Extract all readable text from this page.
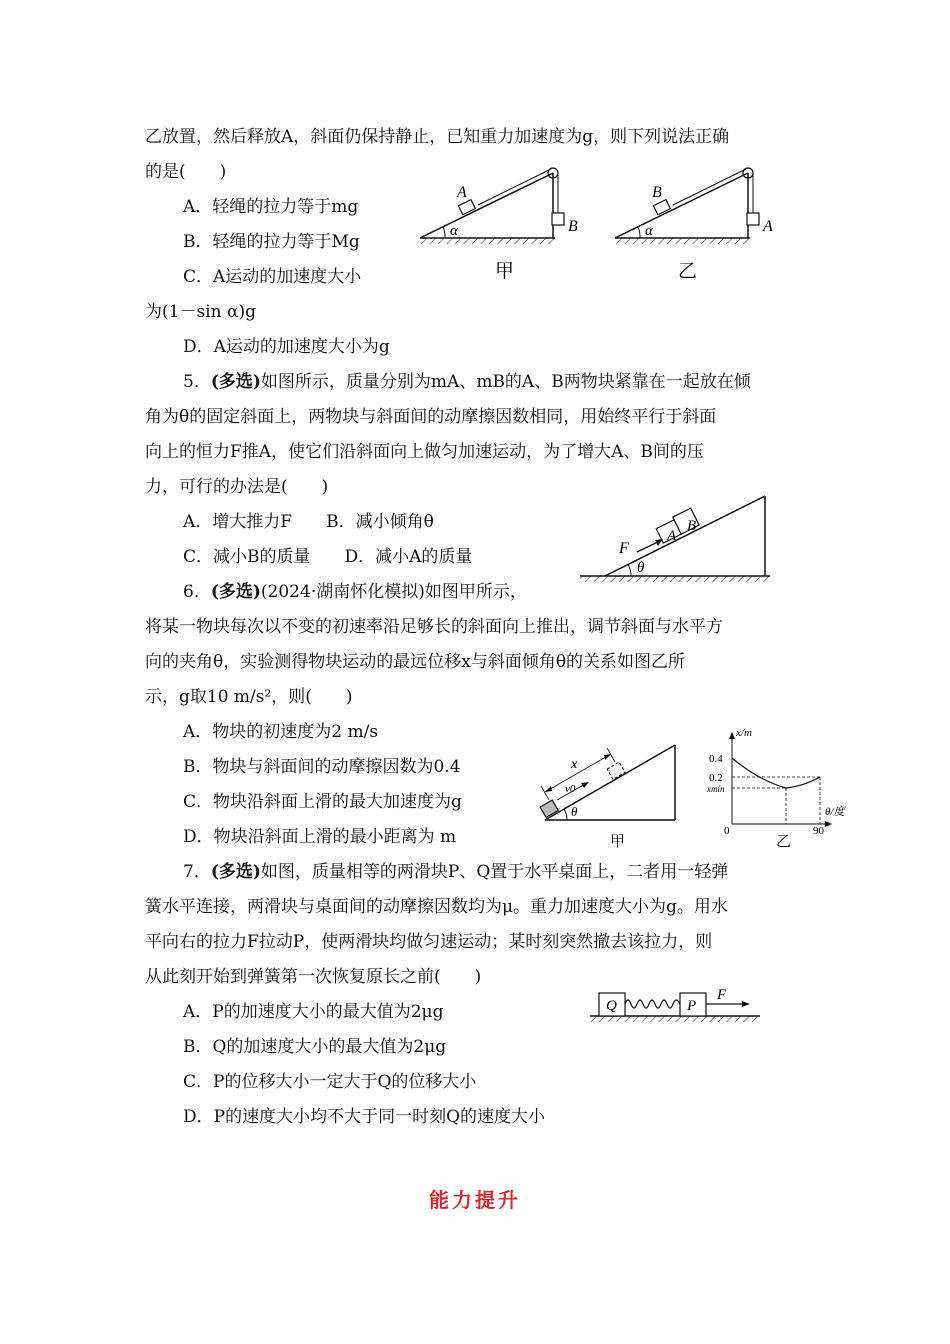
乙放置，然后释放A，斜面仍保持静止，已知重力加速度为g，则下列说法正确
的是(　　)
A．轻绳的拉力等于mg
B．轻绳的拉力等于Mg
C．A运动的加速度大小
为(1－sin α)g
D．A运动的加速度大小为g
A
B
α
甲
B
A
α
乙
5．(多选)如图所示，质量分别为mA、mB的A、B两物块紧靠在一起放在倾
角为θ的固定斜面上，两物块与斜面间的动摩擦因数相同，用始终平行于斜面
向上的恒力F推A，使它们沿斜面向上做匀加速运动，为了增大A、B间的压
力，可行的办法是(　　)
A．增大推力F　　B．减小倾角θ
C．减小B的质量　　D．减小A的质量	F
A
B
θ
6．(多选)(2024·湖南怀化模拟)如图甲所示，
将某一物块每次以不变的初速率沿足够长的斜面向上推出，调节斜面与水平方
向的夹角θ，实验测得物块运动的最远位移x与斜面倾角θ的关系如图乙所
示，g取10 m/s²，则(　　)
A．物块的初速度为2 m/s
B．物块与斜面间的动摩擦因数为0.4
C．物块沿斜面上滑的最大加速度为g
D．物块沿斜面上滑的最小距离为 m
x
v0
θ
甲
x/m
0.4
0.2
xmin
θ/度
0	90
乙
7．(多选)如图，质量相等的两滑块P、Q置于水平桌面上，二者用一轻弹
簧水平连接，两滑块与桌面间的动摩擦因数均为μ。重力加速度大小为g。用水
平向右的拉力F拉动P，使两滑块均做匀速运动；某时刻突然撤去该拉力，则
从此刻开始到弹簧第一次恢复原长之前(　　)
A．P的加速度大小的最大值为2μg
B．Q的加速度大小的最大值为2μg
C．P的位移大小一定大于Q的位移大小
D．P的速度大小均不大于同一时刻Q的速度大小
Q	P
F
能力提升
